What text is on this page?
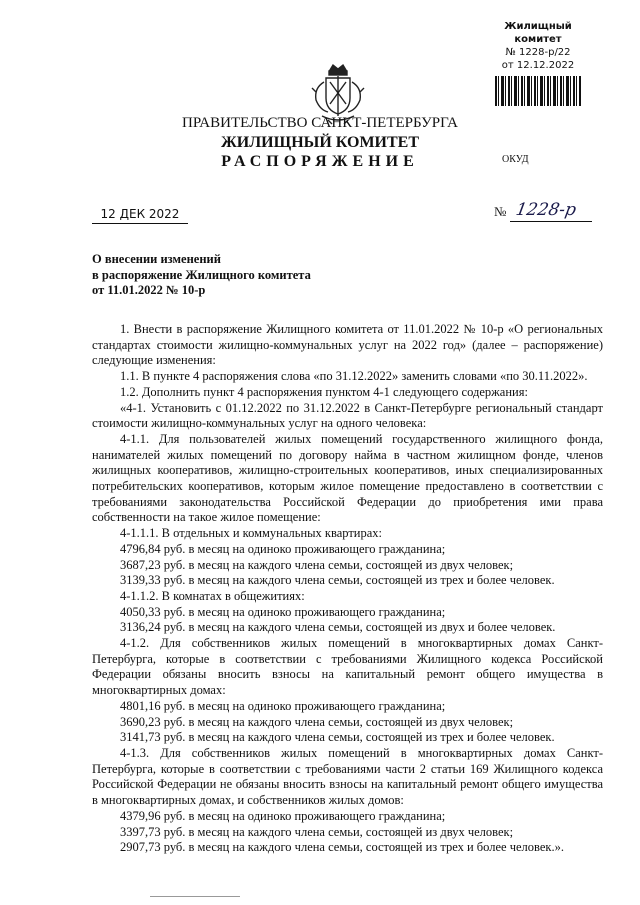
Жилищный комитет
№ 1228-р/22
от 12.12.2022
ПРАВИТЕЛЬСТВО САНКТ-ПЕТЕРБУРГА
ЖИЛИЩНЫЙ КОМИТЕТ
РАСПОРЯЖЕНИЕ	ОКУД
12 ДЕК 2022	№ 1228-р
О внесении изменений
в распоряжение Жилищного комитета
от 11.01.2022 № 10-р

1. Внести в распоряжение Жилищного комитета от 11.01.2022 № 10-р «О региональных стандартах стоимости жилищно-коммунальных услуг на 2022 год» (далее – распоряжение) следующие изменения:

1.1. В пункте 4 распоряжения слова «по 31.12.2022» заменить словами «по 30.11.2022».

1.2. Дополнить пункт 4 распоряжения пунктом 4-1 следующего содержания:

«4-1. Установить с 01.12.2022 по 31.12.2022 в Санкт-Петербурге региональный стандарт стоимости жилищно-коммунальных услуг на одного человека:

4-1.1. Для пользователей жилых помещений государственного жилищного фонда, нанимателей жилых помещений по договору найма в частном жилищном фонде, членов жилищных кооперативов, жилищно-строительных кооперативов, иных специализированных потребительских кооперативов, которым жилое помещение предоставлено в соответствии с требованиями законодательства Российской Федерации до приобретения ими права собственности на такое жилое помещение:

4-1.1.1. В отдельных и коммунальных квартирах:

4796,84 руб. в месяц на одиноко проживающего гражданина;

3687,23 руб. в месяц на каждого члена семьи, состоящей из двух человек;

3139,33 руб. в месяц на каждого члена семьи, состоящей из трех и более человек.

4-1.1.2. В комнатах в общежитиях:

4050,33 руб. в месяц на одиноко проживающего гражданина;

3136,24 руб. в месяц на каждого члена семьи, состоящей из двух и более человек.

4-1.2. Для собственников жилых помещений в многоквартирных домах Санкт-Петербурга, которые в соответствии с требованиями Жилищного кодекса Российской Федерации обязаны вносить взносы на капитальный ремонт общего имущества в многоквартирных домах:

4801,16 руб. в месяц на одиноко проживающего гражданина;

3690,23 руб. в месяц на каждого члена семьи, состоящей из двух человек;

3141,73 руб. в месяц на каждого члена семьи, состоящей из трех и более человек.

4-1.3. Для собственников жилых помещений в многоквартирных домах Санкт-Петербурга, которые в соответствии с требованиями части 2 статьи 169 Жилищного кодекса Российской Федерации не обязаны вносить взносы на капитальный ремонт общего имущества в многоквартирных домах, и собственников жилых домов:

4379,96 руб. в месяц на одиноко проживающего гражданина;

3397,73 руб. в месяц на каждого члена семьи, состоящей из двух человек;

2907,73 руб. в месяц на каждого члена семьи, состоящей из трех и более человек.».
